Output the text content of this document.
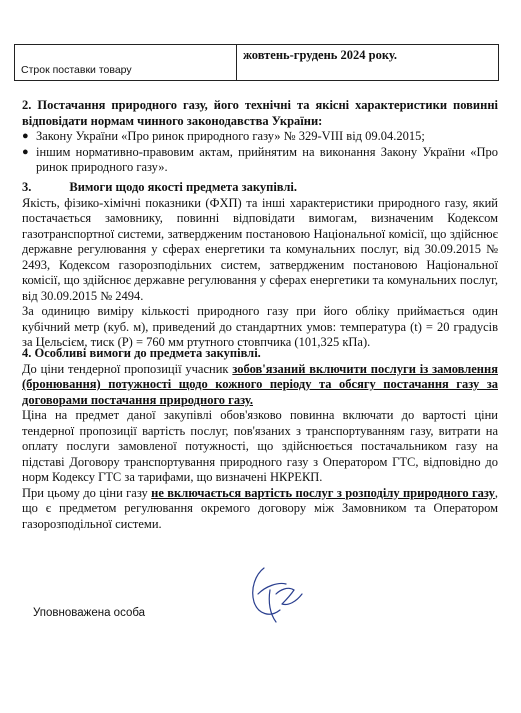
Строк поставки товару
жовтень-грудень 2024 року.

2. Постачання природного газу, його технічні та якісні характеристики повинні відповідати нормам чинного законодавства України:

● Закону України «Про ринок природного газу» № 329-VIII від 09.04.2015;

● іншим нормативно-правовим актам, прийнятим на виконання Закону України «Про ринок природного газу».

3.	Вимоги щодо якості предмета закупівлі.

Якість, фізико-хімічні показники (ФХП) та інші характеристики природного газу, який постачається замовнику, повинні відповідати вимогам, визначеним Кодексом газотранспортної системи, затвердженим постановою Національної комісії, що здійснює державне регулювання у сферах енергетики та комунальних послуг, від 30.09.2015 № 2493, Кодексом газорозподільних систем, затвердженим постановою Національної комісії, що здійснює державне регулювання у сферах енергетики та комунальних послуг, від 30.09.2015 № 2494.

За одиницю виміру кількості природного газу при його обліку приймається один кубічний метр (куб. м), приведений до стандартних умов: температура (t) = 20 градусів за Цельсієм, тиск (P) = 760 мм ртутного стовпчика (101,325 кПа).

4. Особливі вимоги до предмета закупівлі.

До ціни тендерної пропозиції учасник зобов'язаний включити послуги із замовлення (бронювання) потужності щодо кожного періоду та обсягу постачання газу за договорами постачання природного газу.

Ціна на предмет даної закупівлі обов'язково повинна включати до вартості ціни тендерної пропозиції вартість послуг, пов'язаних з транспортуванням газу, витрати на оплату послуги замовленої потужності, що здійснюється постачальником газу на підставі Договору транспортування природного газу з Оператором ГТС, відповідно до норм Кодексу ГТС за тарифами, що визначені НКРЕКП.

При цьому до ціни газу не включається вартість послуг з розподілу природного газу, що є предметом регулювання окремого договору між Замовником та Оператором газорозподільної системи.

Уповноважена особа
